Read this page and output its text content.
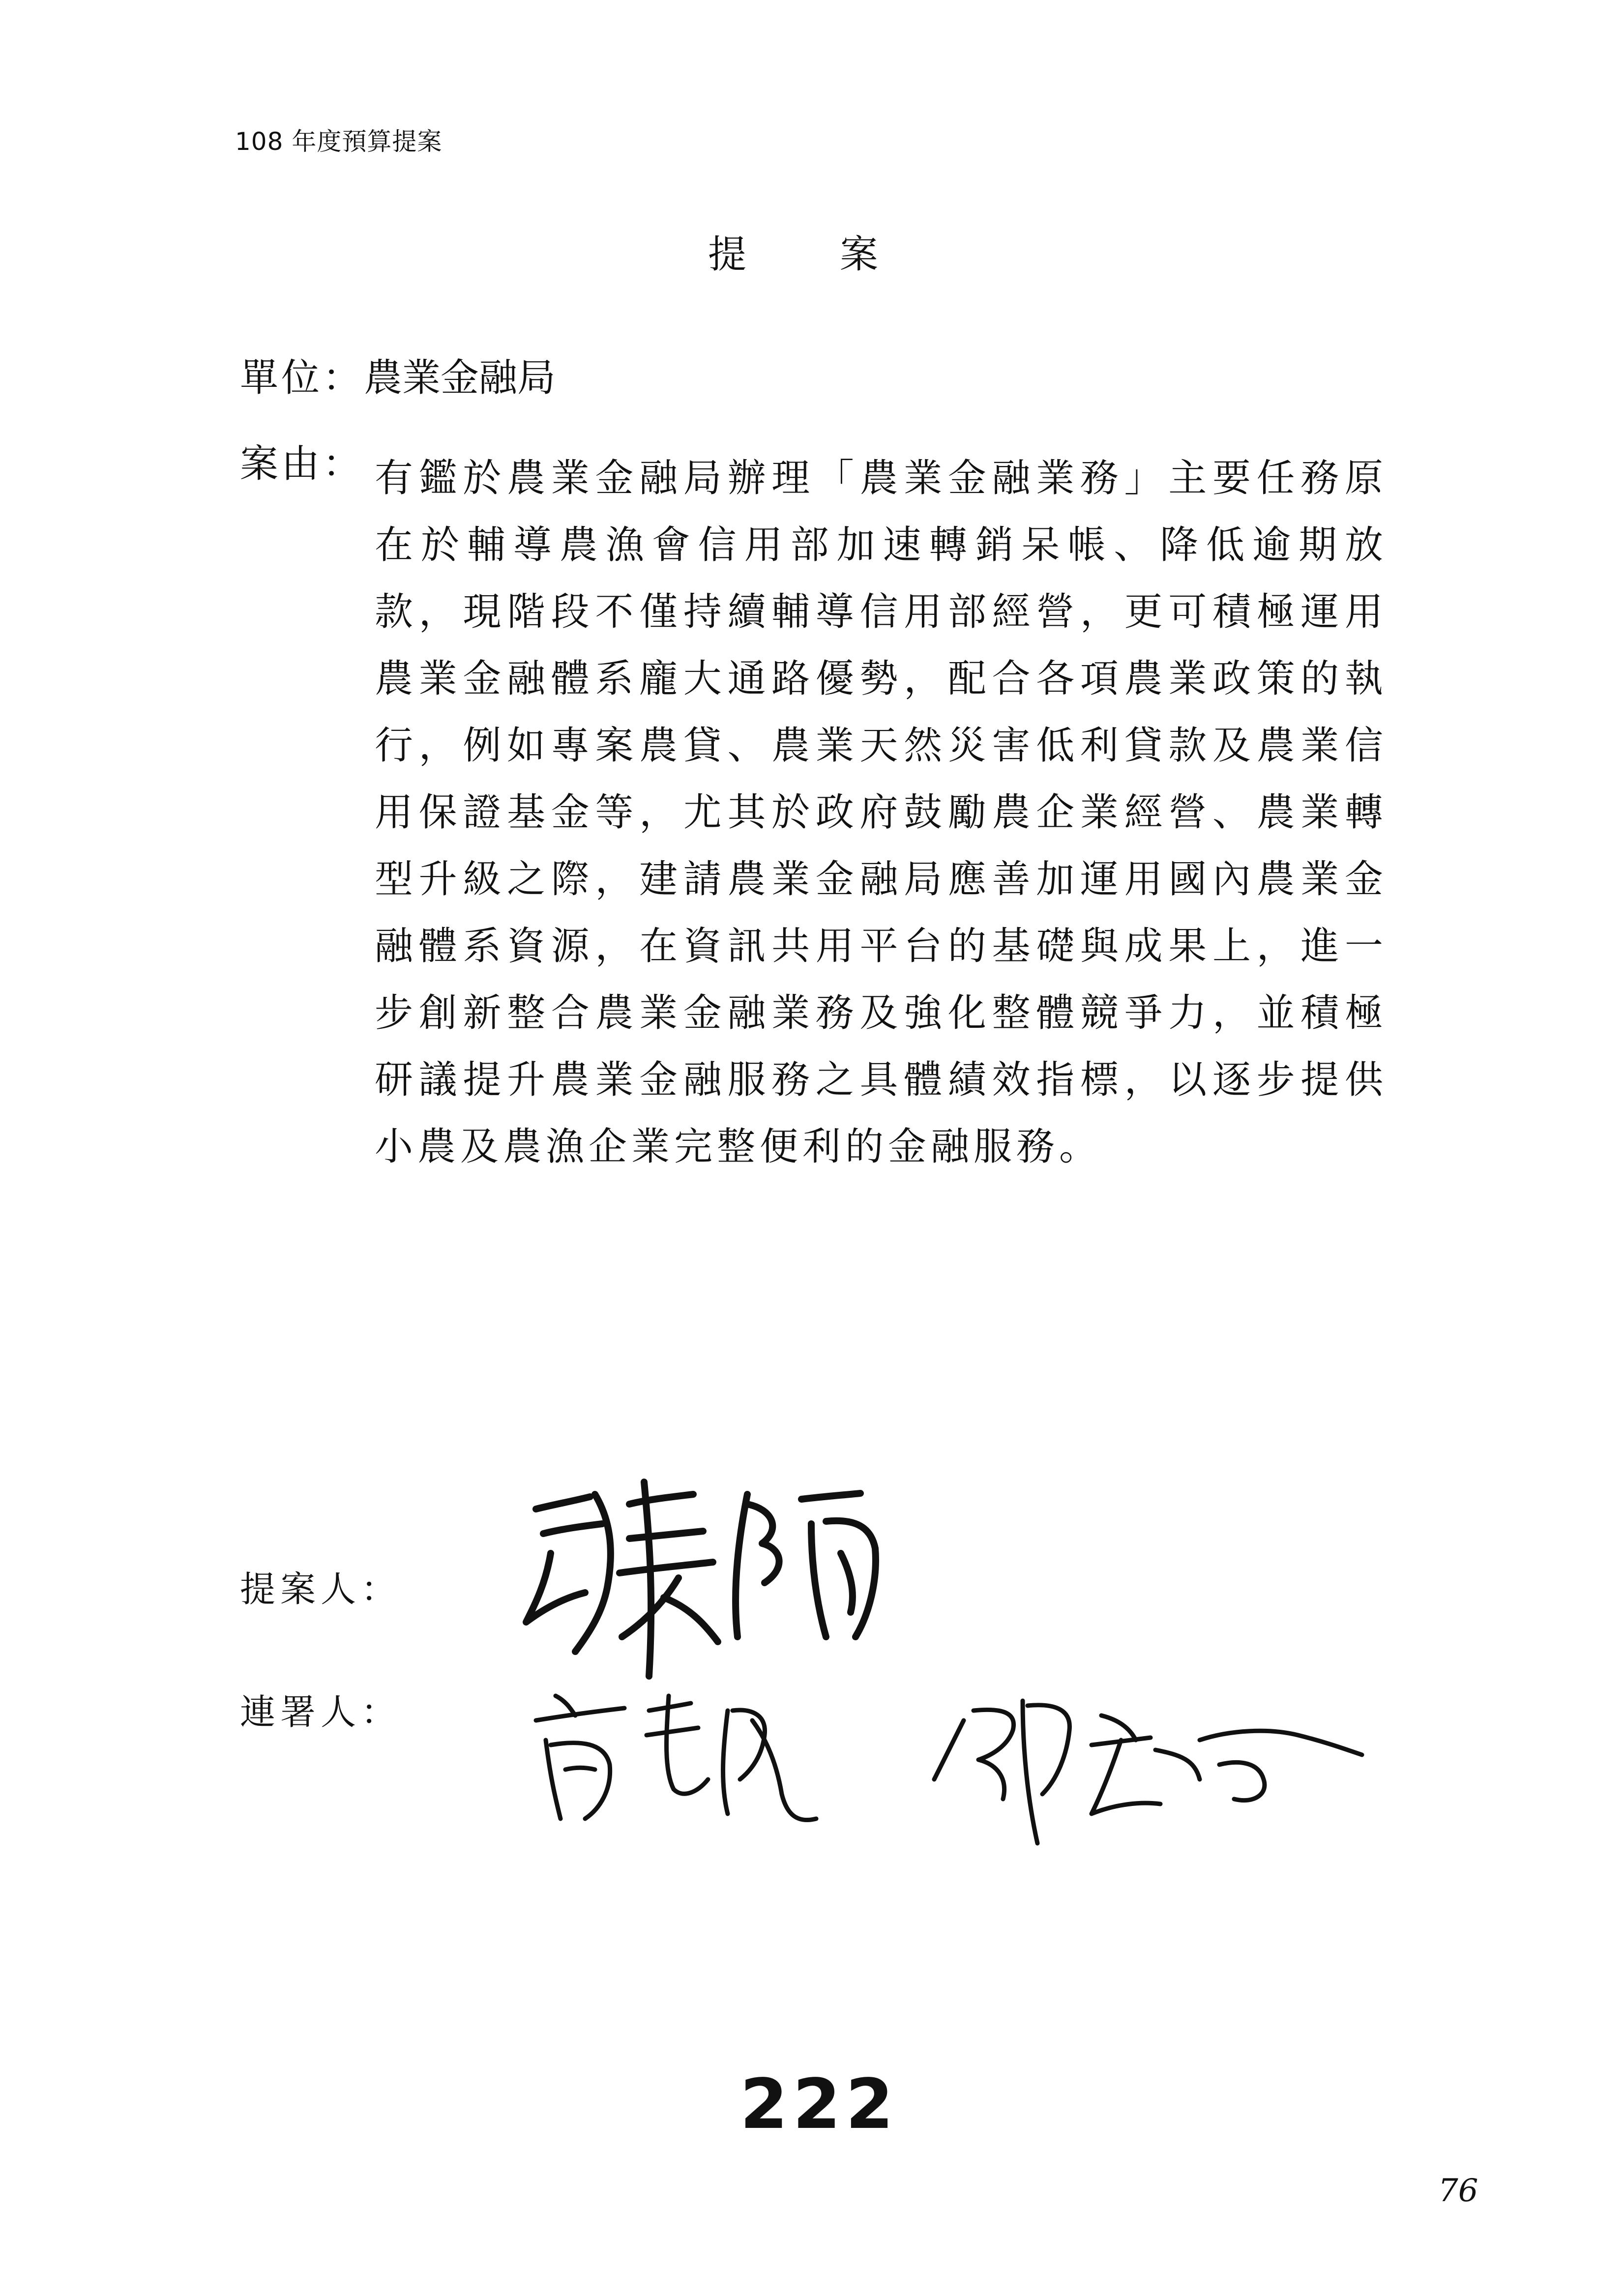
108 年度預算提案
提案
單位：農業金融局
案由： 有鑑於農業金融局辦理「農業金融業務」主要任務原在於輔導農漁會信用部加速轉銷呆帳、降低逾期放款，現階段不僅持續輔導信用部經營，更可積極運用農業金融體系龐大通路優勢，配合各項農業政策的執行，例如專案農貸、農業天然災害低利貸款及農業信用保證基金等，尤其於政府鼓勵農企業經營、農業轉型升級之際，建請農業金融局應善加運用國內農業金融體系資源，在資訊共用平台的基礎與成果上，進一步創新整合農業金融業務及強化整體競爭力，並積極研議提升農業金融服務之具體績效指標，以逐步提供小農及農漁企業完整便利的金融服務。
提案人：
連署人：
222
76
